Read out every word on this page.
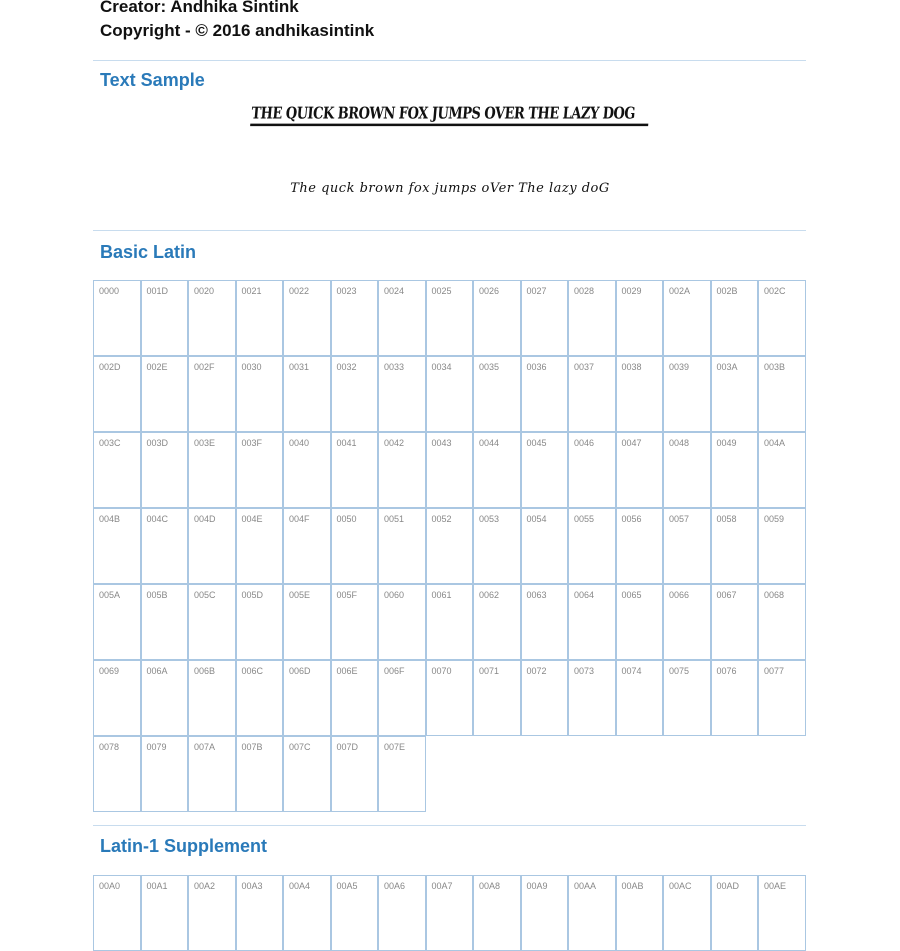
Creator: Andhika Sintink
Copyright - © 2016 andhikasintink
Text Sample
THE QUICK BROWN FOX JUMPS OVER THE LAZY DOG
The quck brown fox jumps oVer The lazy doG
Basic Latin
0000	001D	0020	0021	0022	0023	0024	0025	0026	0027	0028	0029	002A	002B	002C
002D	002E	002F	0030	0031	0032	0033	0034	0035	0036	0037	0038	0039	003A	003B
003C	003D	003E	003F	0040	0041	0042	0043	0044	0045	0046	0047	0048	0049	004A
004B	004C	004D	004E	004F	0050	0051	0052	0053	0054	0055	0056	0057	0058	0059
005A	005B	005C	005D	005E	005F	0060	0061	0062	0063	0064	0065	0066	0067	0068
0069	006A	006B	006C	006D	006E	006F	0070	0071	0072	0073	0074	0075	0076	0077
0078	0079	007A	007B	007C	007D	007E
Latin-1 Supplement
00A0	00A1	00A2	00A3	00A4	00A5	00A6	00A7	00A8	00A9	00AA	00AB	00AC	00AD	00AE
